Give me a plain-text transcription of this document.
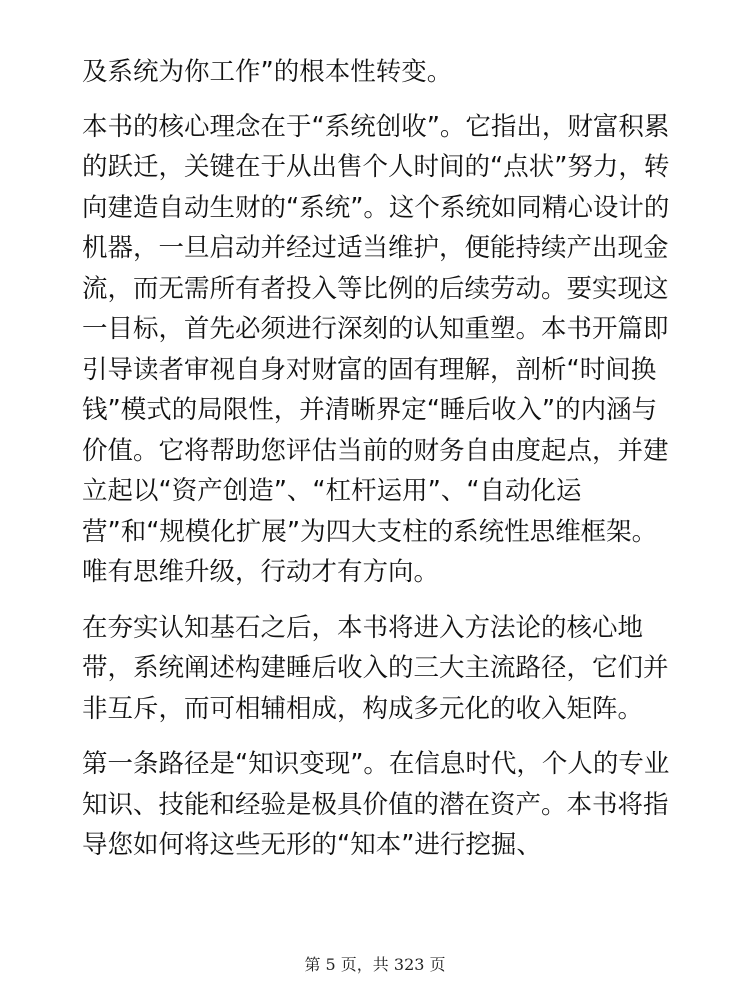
及系统为你工作”的根本性转变。

本书的核心理念在于“系统创收”。它指出，财富积累的跃迁，关键在于从出售个人时间的“点状”努力，转向建造自动生财的“系统”。这个系统如同精心设计的机器，一旦启动并经过适当维护，便能持续产出现金流，而无需所有者投入等比例的后续劳动。要实现这一目标，首先必须进行深刻的认知重塑。本书开篇即引导读者审视自身对财富的固有理解，剖析“时间换钱”模式的局限性，并清晰界定“睡后收入”的内涵与价值。它将帮助您评估当前的财务自由度起点，并建立起以“资产创造”、“杠杆运用”、“自动化运营”和“规模化扩展”为四大支柱的系统性思维框架。唯有思维升级，行动才有方向。

在夯实认知基石之后，本书将进入方法论的核心地带，系统阐述构建睡后收入的三大主流路径，它们并非互斥，而可相辅相成，构成多元化的收入矩阵。

第一条路径是“知识变现”。在信息时代，个人的专业知识、技能和经验是极具价值的潜在资产。本书将指导您如何将这些无形的“知本”进行挖掘、

第 5 页，共 323 页
